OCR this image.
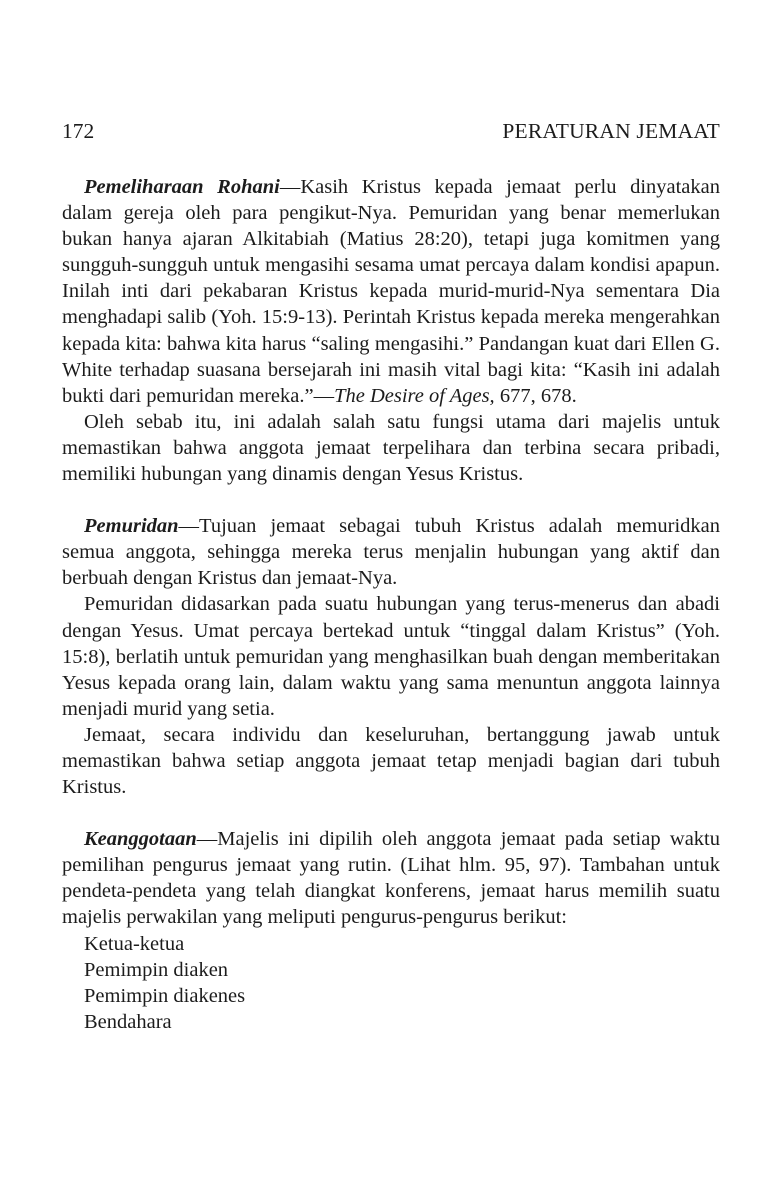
172	PERATURAN JEMAAT

Pemeliharaan Rohani—Kasih Kristus kepada jemaat perlu dinyatakan dalam gereja oleh para pengikut-Nya. Pemuridan yang benar memerlukan bukan hanya ajaran Alkitabiah (Matius 28:20), tetapi juga komitmen yang sungguh-sungguh untuk mengasihi sesama umat percaya dalam kondisi apapun. Inilah inti dari pekabaran Kristus kepada murid-murid-Nya sementara Dia menghadapi salib (Yoh. 15:9-13). Perintah Kristus kepada mereka mengerahkan kepada kita: bahwa kita harus “saling mengasihi.” Pandangan kuat dari Ellen G. White terhadap suasana bersejarah ini masih vital bagi kita: “Kasih ini adalah bukti dari pemuridan mereka.”—The Desire of Ages, 677, 678.

Oleh sebab itu, ini adalah salah satu fungsi utama dari majelis untuk memastikan bahwa anggota jemaat terpelihara dan terbina secara pribadi, memiliki hubungan yang dinamis dengan Yesus Kristus.

Pemuridan—Tujuan jemaat sebagai tubuh Kristus adalah memuridkan semua anggota, sehingga mereka terus menjalin hubungan yang aktif dan berbuah dengan Kristus dan jemaat-Nya.

Pemuridan didasarkan pada suatu hubungan yang terus-menerus dan abadi dengan Yesus. Umat percaya bertekad untuk “tinggal dalam Kristus” (Yoh. 15:8), berlatih untuk pemuridan yang menghasilkan buah dengan memberitakan Yesus kepada orang lain, dalam waktu yang sama menuntun anggota lainnya menjadi murid yang setia.

Jemaat, secara individu dan keseluruhan, bertanggung jawab untuk memastikan bahwa setiap anggota jemaat tetap menjadi bagian dari tubuh Kristus.

Keanggotaan—Majelis ini dipilih oleh anggota jemaat pada setiap waktu pemilihan pengurus jemaat yang rutin. (Lihat hlm. 95, 97). Tambahan untuk pendeta-pendeta yang telah diangkat konferens, jemaat harus memilih suatu majelis perwakilan yang meliputi pengurus-pengurus berikut:

Ketua-ketua
Pemimpin diaken
Pemimpin diakenes
Bendahara
